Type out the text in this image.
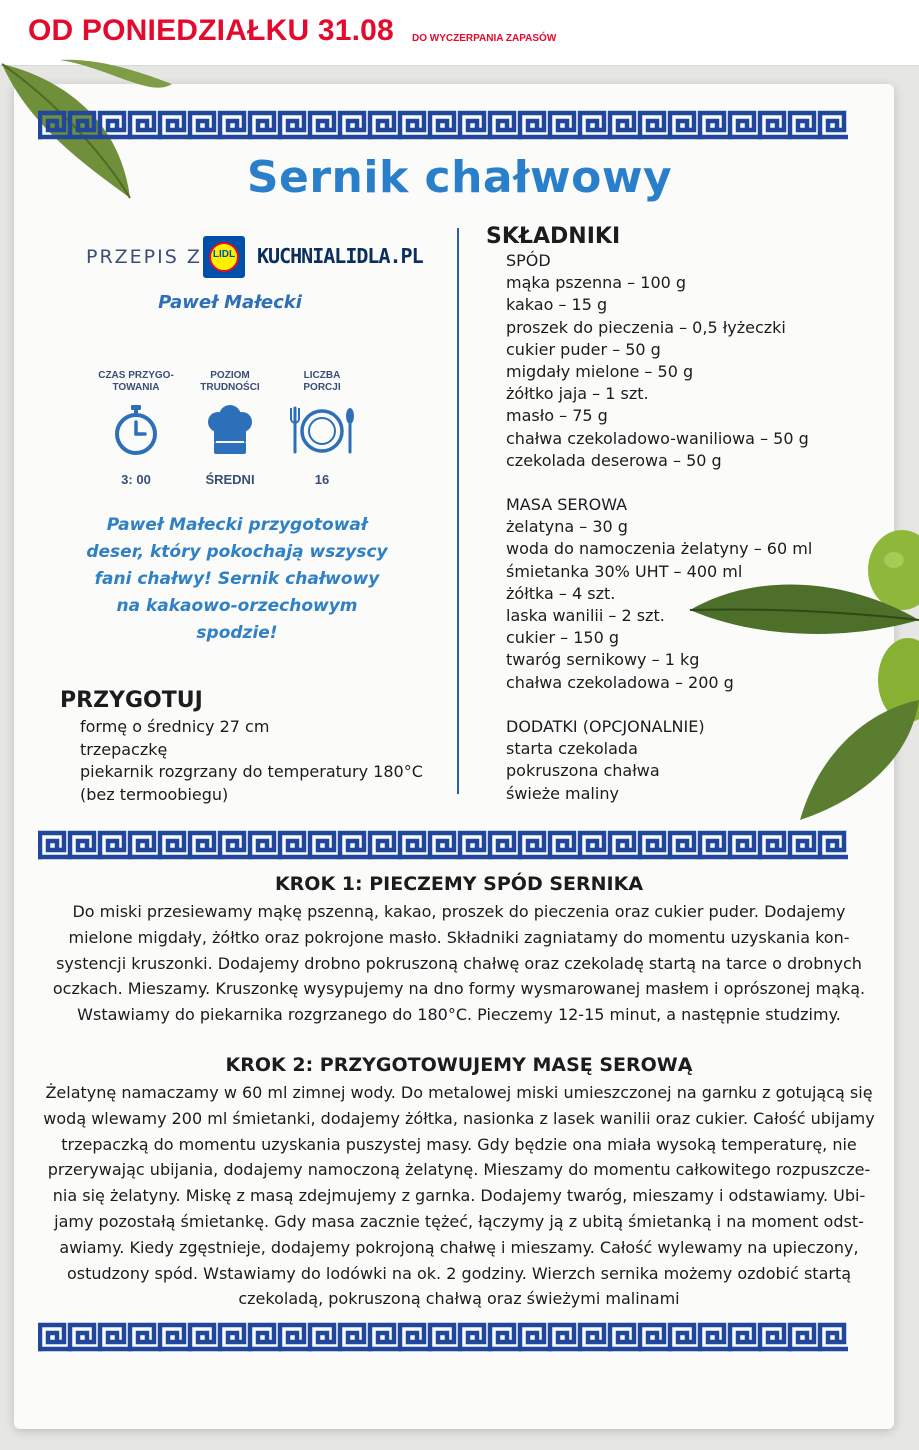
OD PONIEDZIAŁKU 31.08 DO WYCZERPANIA ZAPASÓW
Sernik chałwowy
PRZEPIS Z	LIDL	KUCHNIALIDLA.PL
Paweł Małecki
CZAS PRZYGO-
TOWANIA
3: 00
POZIOM
TRUDNOŚCI
ŚREDNI
LICZBA
PORCJI
16
Paweł Małecki przygotował deser, który pokochają wszyscy fani chałwy! Sernik chałwowy na kakaowo-orzechowym spodzie!
PRZYGOTUJ
formę o średnicy 27 cm
trzepaczkę
piekarnik rozgrzany do temperatury 180°C
(bez termoobiegu)
SKŁADNIKI
SPÓD
mąka pszenna – 100 g
kakao – 15 g
proszek do pieczenia – 0,5 łyżeczki
cukier puder – 50 g
migdały mielone – 50 g
żółtko jaja – 1 szt.
masło – 75 g
chałwa czekoladowo-waniliowa – 50 g
czekolada deserowa – 50 g
MASA SEROWA
żelatyna – 30 g
woda do namoczenia żelatyny – 60 ml
śmietanka 30% UHT – 400 ml
żółtka – 4 szt.
laska wanilii – 2 szt.
cukier – 150 g
twaróg sernikowy – 1 kg
chałwa czekoladowa – 200 g
DODATKI (OPCJONALNIE)
starta czekolada
pokruszona chałwa
świeże maliny
KROK 1: PIECZEMY SPÓD SERNIKA

Do miski przesiewamy mąkę pszenną, kakao, proszek do pieczenia oraz cukier puder. Dodajemy
mielone migdały, żółtko oraz pokrojone masło. Składniki zagniatamy do momentu uzyskania kon-
systencji kruszonki. Dodajemy drobno pokruszoną chałwę oraz czekoladę startą na tarce o drobnych
oczkach. Mieszamy. Kruszonkę wysypujemy na dno formy wysmarowanej masłem i oprószonej mąką.
Wstawiamy do piekarnika rozgrzanego do 180°C. Pieczemy 12-15 minut, a następnie studzimy.

KROK 2: PRZYGOTOWUJEMY MASĘ SEROWĄ

Żelatynę namaczamy w 60 ml zimnej wody. Do metalowej miski umieszczonej na garnku z gotującą się
wodą wlewamy 200 ml śmietanki, dodajemy żółtka, nasionka z lasek wanilii oraz cukier. Całość ubijamy
trzepaczką do momentu uzyskania puszystej masy. Gdy będzie ona miała wysoką temperaturę, nie
przerywając ubijania, dodajemy namoczoną żelatynę. Mieszamy do momentu całkowitego rozpuszcze-
nia się żelatyny. Miskę z masą zdejmujemy z garnka. Dodajemy twaróg, mieszamy i odstawiamy. Ubi-
jamy pozostałą śmietankę. Gdy masa zacznie tężeć, łączymy ją z ubitą śmietanką i na moment odst-
awiamy. Kiedy zgęstnieje, dodajemy pokrojoną chałwę i mieszamy. Całość wylewamy na upieczony,
ostudzony spód. Wstawiamy do lodówki na ok. 2 godziny. Wierzch sernika możemy ozdobić startą
czekoladą, pokruszoną chałwą oraz świeżymi malinami
